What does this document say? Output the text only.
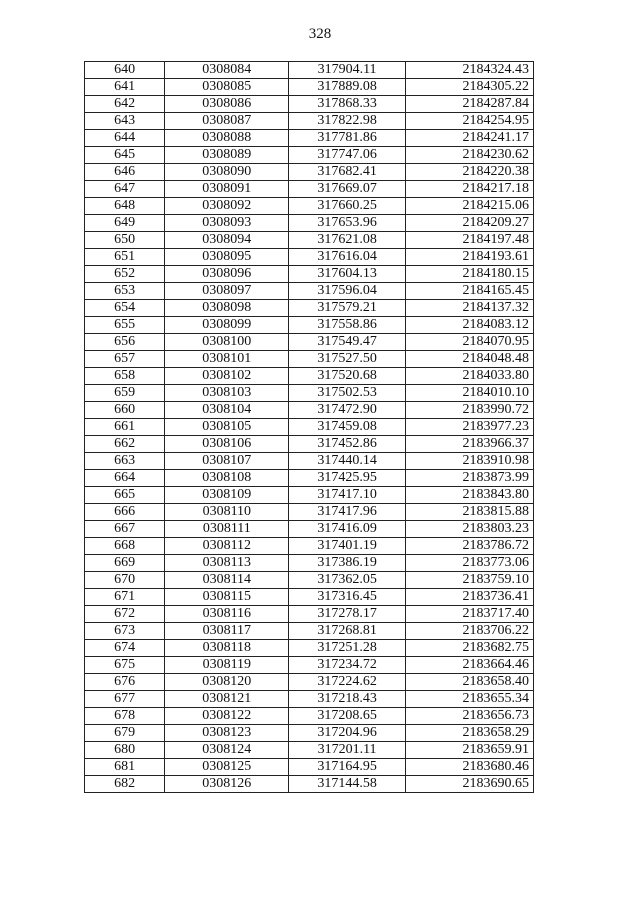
328
640	0308084	317904.11	2184324.43
641	0308085	317889.08	2184305.22
642	0308086	317868.33	2184287.84
643	0308087	317822.98	2184254.95
644	0308088	317781.86	2184241.17
645	0308089	317747.06	2184230.62
646	0308090	317682.41	2184220.38
647	0308091	317669.07	2184217.18
648	0308092	317660.25	2184215.06
649	0308093	317653.96	2184209.27
650	0308094	317621.08	2184197.48
651	0308095	317616.04	2184193.61
652	0308096	317604.13	2184180.15
653	0308097	317596.04	2184165.45
654	0308098	317579.21	2184137.32
655	0308099	317558.86	2184083.12
656	0308100	317549.47	2184070.95
657	0308101	317527.50	2184048.48
658	0308102	317520.68	2184033.80
659	0308103	317502.53	2184010.10
660	0308104	317472.90	2183990.72
661	0308105	317459.08	2183977.23
662	0308106	317452.86	2183966.37
663	0308107	317440.14	2183910.98
664	0308108	317425.95	2183873.99
665	0308109	317417.10	2183843.80
666	0308110	317417.96	2183815.88
667	0308111	317416.09	2183803.23
668	0308112	317401.19	2183786.72
669	0308113	317386.19	2183773.06
670	0308114	317362.05	2183759.10
671	0308115	317316.45	2183736.41
672	0308116	317278.17	2183717.40
673	0308117	317268.81	2183706.22
674	0308118	317251.28	2183682.75
675	0308119	317234.72	2183664.46
676	0308120	317224.62	2183658.40
677	0308121	317218.43	2183655.34
678	0308122	317208.65	2183656.73
679	0308123	317204.96	2183658.29
680	0308124	317201.11	2183659.91
681	0308125	317164.95	2183680.46
682	0308126	317144.58	2183690.65
